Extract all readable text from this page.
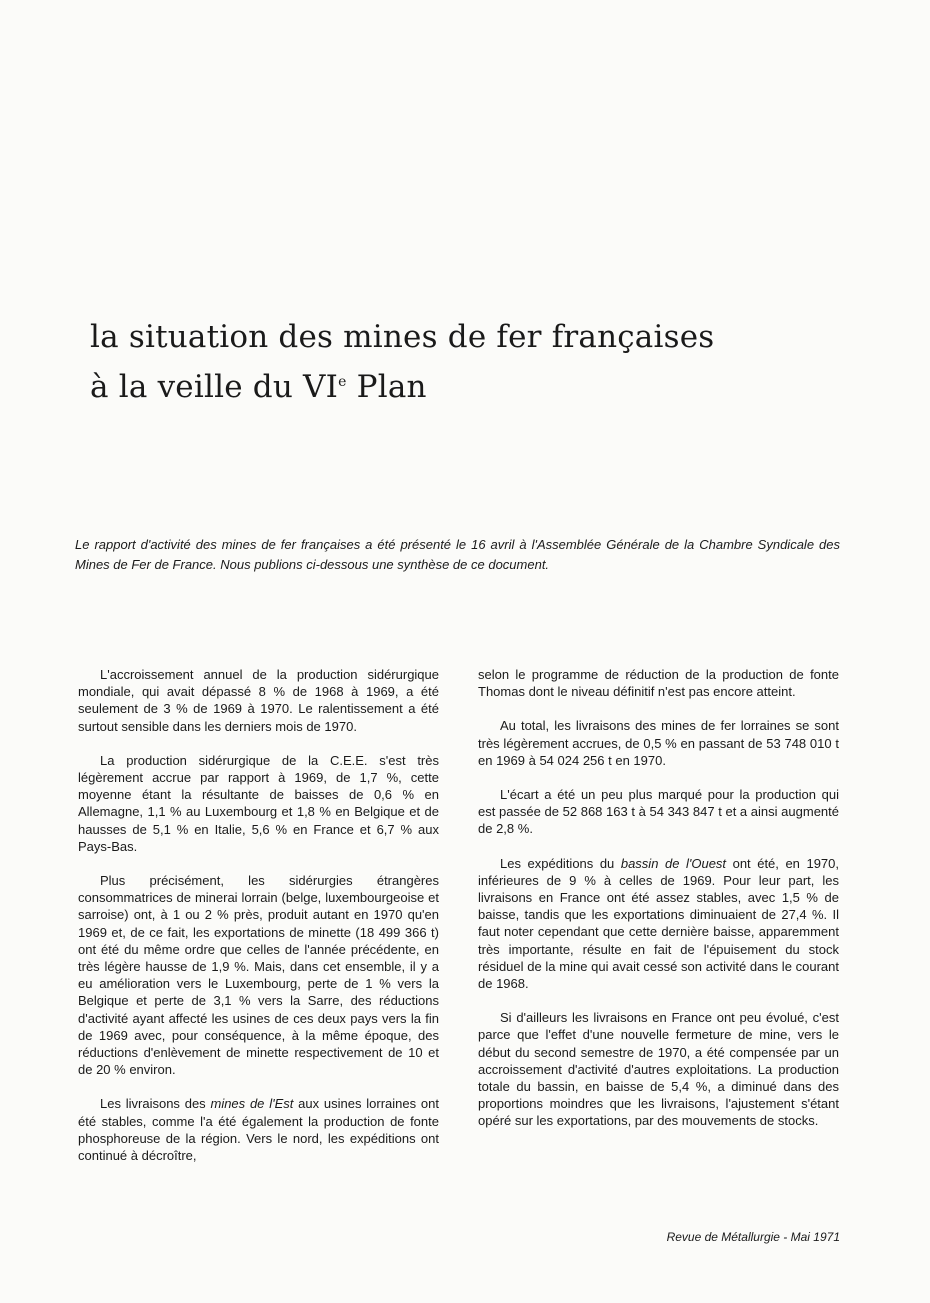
la situation des mines de fer françaises
à la veille du VIe Plan

Le rapport d'activité des mines de fer françaises a été présenté le 16 avril à l'Assemblée Générale de la Chambre Syndicale des Mines de Fer de France. Nous publions ci-dessous une synthèse de ce document.

L'accroissement annuel de la production sidérurgique mondiale, qui avait dépassé 8 % de 1968 à 1969, a été seulement de 3 % de 1969 à 1970. Le ralentissement a été surtout sensible dans les derniers mois de 1970.

La production sidérurgique de la C.E.E. s'est très légèrement accrue par rapport à 1969, de 1,7 %, cette moyenne étant la résultante de baisses de 0,6 % en Allemagne, 1,1 % au Luxembourg et 1,8 % en Belgique et de hausses de 5,1 % en Italie, 5,6 % en France et 6,7 % aux Pays-Bas.

Plus précisément, les sidérurgies étrangères consommatrices de minerai lorrain (belge, luxembourgeoise et sarroise) ont, à 1 ou 2 % près, produit autant en 1970 qu'en 1969 et, de ce fait, les exportations de minette (18 499 366 t) ont été du même ordre que celles de l'année précédente, en très légère hausse de 1,9 %. Mais, dans cet ensemble, il y a eu amélioration vers le Luxembourg, perte de 1 % vers la Belgique et perte de 3,1 % vers la Sarre, des réductions d'activité ayant affecté les usines de ces deux pays vers la fin de 1969 avec, pour conséquence, à la même époque, des réductions d'enlèvement de minette respectivement de 10 et de 20 % environ.

Les livraisons des mines de l'Est aux usines lorraines ont été stables, comme l'a été également la production de fonte phosphoreuse de la région. Vers le nord, les expéditions ont continué à décroître,

selon le programme de réduction de la production de fonte Thomas dont le niveau définitif n'est pas encore atteint.

Au total, les livraisons des mines de fer lorraines se sont très légèrement accrues, de 0,5 % en passant de 53 748 010 t en 1969 à 54 024 256 t en 1970.

L'écart a été un peu plus marqué pour la production qui est passée de 52 868 163 t à 54 343 847 t et a ainsi augmenté de 2,8 %.

Les expéditions du bassin de l'Ouest ont été, en 1970, inférieures de 9 % à celles de 1969. Pour leur part, les livraisons en France ont été assez stables, avec 1,5 % de baisse, tandis que les exportations diminuaient de 27,4 %. Il faut noter cependant que cette dernière baisse, apparemment très importante, résulte en fait de l'épuisement du stock résiduel de la mine qui avait cessé son activité dans le courant de 1968.

Si d'ailleurs les livraisons en France ont peu évolué, c'est parce que l'effet d'une nouvelle fermeture de mine, vers le début du second semestre de 1970, a été compensée par un accroissement d'activité d'autres exploitations. La production totale du bassin, en baisse de 5,4 %, a diminué dans des proportions moindres que les livraisons, l'ajustement s'étant opéré sur les exportations, par des mouvements de stocks.

Revue de Métallurgie - Mai 1971
